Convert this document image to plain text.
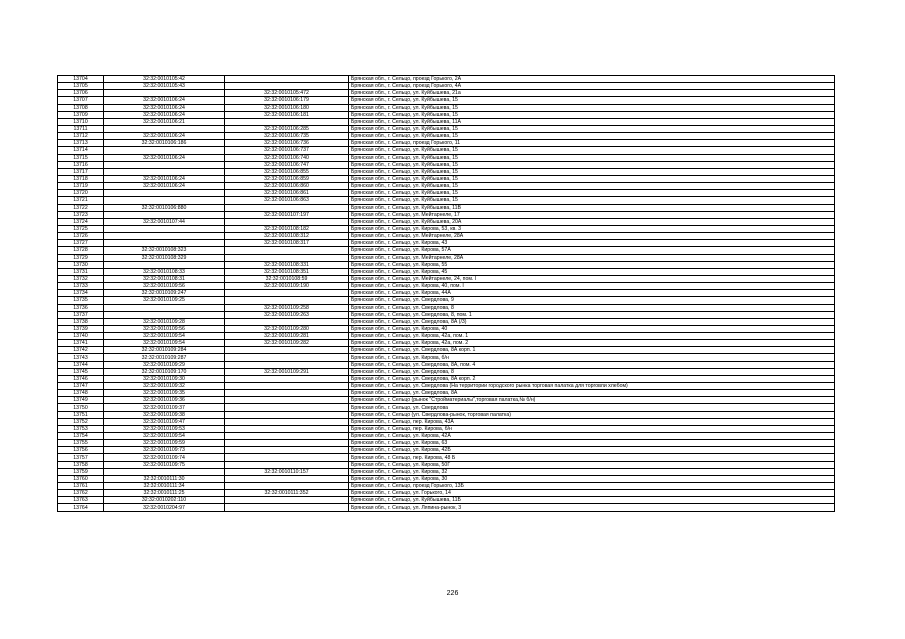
13704	32:32:0010105:42		Брянская обл., г. Сельцо, проезд Горького, 2А
13705	32:32:0010105:43		Брянская обл., г. Сельцо, проезд Горького, 4А
13706		32:32:0010105:472	Брянская обл., г. Сельцо, ул. Куйбышева, 21а
13707	32:32:0010106:24	32:32:0010106:179	Брянская обл., г. Сельцо, ул. Куйбышева, 15
13708	32:32:0010106:24	32:32:0010106:180	Брянская обл., г. Сельцо, ул. Куйбышева, 15
13709	32:32:0010106:24	32:32:0010106:181	Брянская обл., г. Сельцо, ул. Куйбышева, 15
13710	32:32:0010106:21		Брянская обл., г. Сельцо, ул. Куйбышева, 11А
13711		32:32:0010106:285	Брянская обл., г. Сельцо, ул. Куйбышева, 15
13712	32:32:0010106:24	32:32:0010106:735	Брянская обл., г. Сельцо, ул. Куйбышева, 15
13713	32:32:0010106:186	32:32:0010106:736	Брянская обл., г. Сельцо, проезд Горького, 11
13714		32:32:0010106:737	Брянская обл., г. Сельцо, ул. Куйбышева, 15
13715	32:32:0010106:24	32:32:0010106:740	Брянская обл., г. Сельцо, ул. Куйбышева, 15
13716		32:32:0010106:747	Брянская обл., г. Сельцо, ул. Куйбышева, 15
13717		32:32:0010106:855	Брянская обл., г. Сельцо, ул. Куйбышева, 15
13718	32:32:0010106:24	32:32:0010106:859	Брянская обл., г. Сельцо, ул. Куйбышева, 15
13719	32:32:0010106:24	32:32:0010106:860	Брянская обл., г. Сельцо, ул. Куйбышева, 15
13720		32:32:0010106:861	Брянская обл., г. Сельцо, ул. Куйбышева, 15
13721		32:32:0010106:863	Брянская обл., г. Сельцо, ул. Куйбышева, 15
13722	32:32:0010106:880		Брянская обл., г. Сельцо, ул. Куйбышева, 11В
13723		32:32:0010107:197	Брянская обл., г. Сельцо, ул. Мейтарнеле, 17
13724	32:32:0010107:44		Брянская обл., г. Сельцо, ул. Куйбышева, 20А
13725		32:32:0010108:182	Брянская обл., г. Сельцо, ул. Кирова, 53, кв. 3
13726		32:32:0010108:312	Брянская обл., г. Сельцо, ул. Мейтарнеле, 28А
13727		32:32:0010108:317	Брянская обл., г. Сельцо, ул. Кирова, 43
13728	32:32:0010108:323		Брянская обл., г. Сельцо, ул. Кирова, 57А
13729	32:32:0010108:329		Брянская обл., г. Сельцо, ул. Мейтарнеле, 28А
13730		32:32:0010108:331	Брянская обл., г. Сельцо, ул. Кирова, 55
13731	32:32:0010108:33	32:32:0010108:351	Брянская обл., г. Сельцо, ул. Кирова, 45
13732	32:32:0010108:31	32:32:0010108:59	Брянская обл., г. Сельцо, ул. Мейтарнеле, 24, пом. I
13733	32:32:0010109:56	32:32:0010109:190	Брянская обл., г. Сельцо, ул. Кирова, 40, пом. I
13734	32:32:0010109:247		Брянская обл., г. Сельцо, ул. Кирова, 44А
13735	32:32:0010109:25		Брянская обл., г. Сельцо, ул. Свердлова, 9
13736		32:32:0010109:258	Брянская обл., г. Сельцо, ул. Свердлова, 8
13737		32:32:0010109:263	Брянская обл., г. Сельцо, ул. Свердлова, 8, пом. 1
13738	32:32:0010109:28		Брянская обл., г. Сельцо, ул. Свердлова, 8А (/3)
13739	32:32:0010109:56	32:32:0010109:280	Брянская обл., г. Сельцо, ул. Кирова, 40
13740	32:32:0010109:54	32:32:0010109:281	Брянская обл., г. Сельцо, ул. Кирова, 42а, пом. 1
13741	32:32:0010109:54	32:32:0010109:282	Брянская обл., г. Сельцо, ул. Кирова, 42а, пом. 2
13742	32:32:0010109:284		Брянская обл., г. Сельцо, ул. Свердлова, 8А корп. 1
13743	32:32:0010109:287		Брянская обл., г. Сельцо, ул. Кирова, б/н
13744	32:32:0010109:29		Брянская обл., г. Сельцо, ул. Свердлова, 8А, пом. 4
13745	32:32:0010109:170	32:32:0010109:291	Брянская обл., г. Сельцо, ул. Свердлова, 8
13746	32:32:0010109:30		Брянская обл., г. Сельцо, ул. Свердлова, 8А корп. 2
13747	32:32:0010109:32		Брянская обл., г. Сельцо, ул. Свердлова (На территории городского рынка торговая палатка для торговли хлебом)
13748	32:32:0010109:35		Брянская обл., г. Сельцо, ул. Свердлова, 8А
13749	32:32:0010109:36		Брянская обл., г. Сельцо (рынок "Стройматериалы",торговая палатка,№ б/н)
13750	32:32:0010109:37		Брянская обл., г. Сельцо, ул. Свердлова
13751	32:32:0010109:38		Брянская обл., г. Сельцо (ул. Свердлова-рынок, торговая палатка)
13752	32:32:0010109:47		Брянская обл., г. Сельцо, пер. Кирова, 43А
13753	32:32:0010109:53		Брянская обл., г. Сельцо, пер. Кирова, б/н
13754	32:32:0010109:54		Брянская обл., г. Сельцо, ул. Кирова, 42А
13755	32:32:0010109:59		Брянская обл., г. Сельцо, ул. Кирова, 63
13756	32:32:0010109:73		Брянская обл., г. Сельцо, ул. Кирова, 42Б
13757	32:32:0010109:74		Брянская обл., г. Сельцо, пер. Кирова, 48 Б
13758	32:32:0010109:75		Брянская обл., г. Сельцо, ул. Кирова, 50Г
13759		32:32:0010110:157	Брянская обл., г. Сельцо, ул. Кирова, 32
13760	32:32:0010111:30		Брянская обл., г. Сельцо, ул. Кирова, 30
13761	32:32:0010111:34		Брянская обл., г. Сельцо, проезд Горького, 13Б
13762	32:32:0010111:25	32:32:0010111:352	Брянская обл., г. Сельцо, ул. Горького, 14
13763	32:32:0010202:110		Брянская обл., г. Сельцо, ул. Куйбышева, 11Б
13764	32:32:0010204:97		Брянская обл., г. Сельцо, ул. Ляпина-рынок, 3
226
